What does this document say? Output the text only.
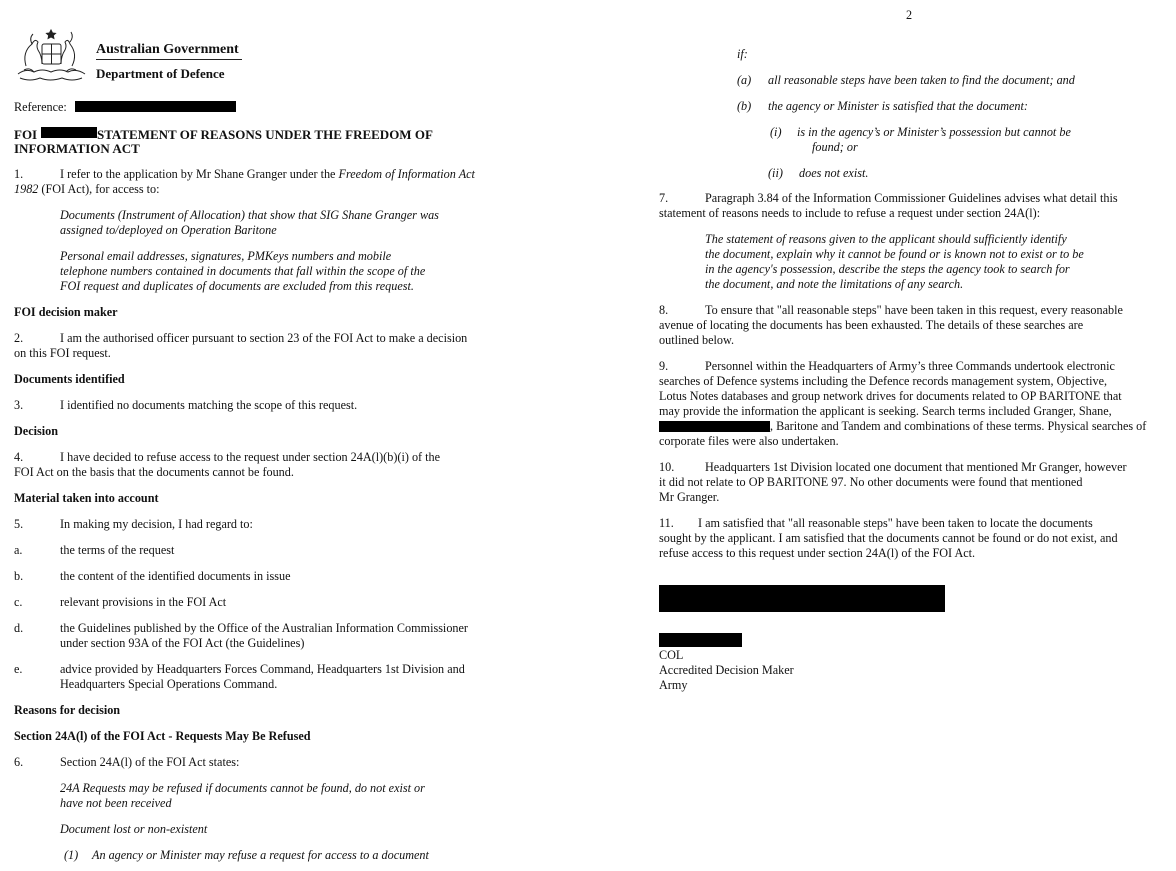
Australian Government
Department of Defence
Reference:
FOI	STATEMENT OF REASONS UNDER THE FREEDOM OF
INFORMATION ACT
1.	I refer to the application by Mr Shane Granger under the Freedom of Information Act
1982 (FOI Act), for access to:
Documents (Instrument of Allocation) that show that SIG Shane Granger was
assigned to/deployed on Operation Baritone
Personal email addresses, signatures, PMKeys numbers and mobile
telephone numbers contained in documents that fall within the scope of the
FOI request and duplicates of documents are excluded from this request.
FOI decision maker
2.	I am the authorised officer pursuant to section 23 of the FOI Act to make a decision
on this FOI request.
Documents identified
3.	I identified no documents matching the scope of this request.
Decision
4.	I have decided to refuse access to the request under section 24A(l)(b)(i) of the
FOI Act on the basis that the documents cannot be found.
Material taken into account
5.	In making my decision, I had regard to:
a.	the terms of the request
b.	the content of the identified documents in issue
c.	relevant provisions in the FOI Act
d.	the Guidelines published by the Office of the Australian Information Commissioner
under section 93A of the FOI Act (the Guidelines)
e.	advice provided by Headquarters Forces Command, Headquarters 1st Division and
Headquarters Special Operations Command.
Reasons for decision
Section 24A(l) of the FOI Act - Requests May Be Refused
6.	Section 24A(l) of the FOI Act states:
24A Requests may be refused if documents cannot be found, do not exist or
have not been received
Document lost or non-existent
(1) An agency or Minister may refuse a request for access to a document
2
if:
(a) all reasonable steps have been taken to find the document; and
(b) the agency or Minister is satisfied that the document:
(i) is in the agency’s or Minister’s possession but cannot be
found; or
(ii) does not exist.
7.	Paragraph 3.84 of the Information Commissioner Guidelines advises what detail this
statement of reasons needs to include to refuse a request under section 24A(l):
The statement of reasons given to the applicant should sufficiently identify
the document, explain why it cannot be found or is known not to exist or to be
in the agency's possession, describe the steps the agency took to search for
the document, and note the limitations of any search.
8.	To ensure that "all reasonable steps" have been taken in this request, every reasonable
avenue of locating the documents has been exhausted. The details of these searches are
outlined below.
9.	Personnel within the Headquarters of Army’s three Commands undertook electronic
searches of Defence systems including the Defence records management system, Objective,
Lotus Notes databases and group network drives for documents related to OP BARITONE that
may provide the information the applicant is seeking. Search terms included Granger, Shane,
, Baritone and Tandem and combinations of these terms. Physical searches of
corporate files were also undertaken.
10.	Headquarters 1st Division located one document that mentioned Mr Granger, however
it did not relate to OP BARITONE 97. No other documents were found that mentioned
Mr Granger.
11. I am satisfied that "all reasonable steps" have been taken to locate the documents
sought by the applicant. I am satisfied that the documents cannot be found or do not exist, and
refuse access to this request under section 24A(l) of the FOI Act.
COL
Accredited Decision Maker
Army
